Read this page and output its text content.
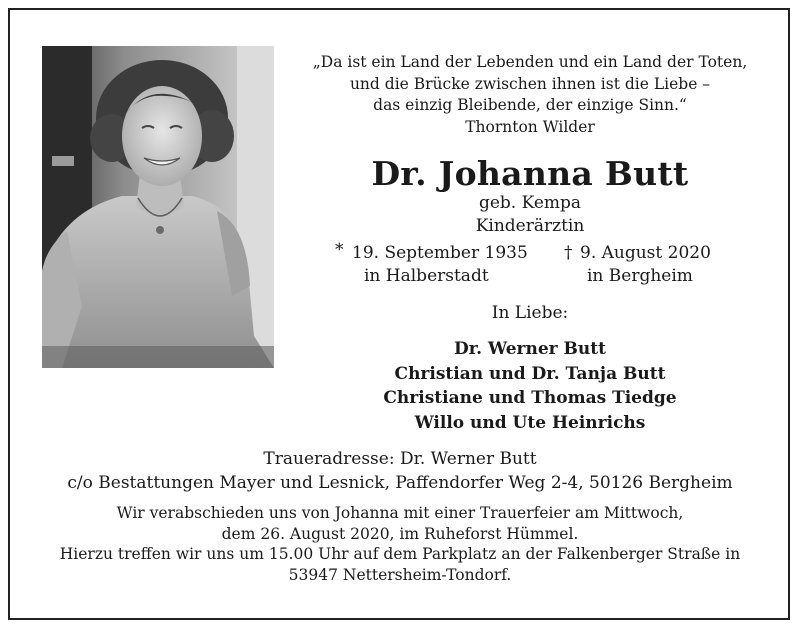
„Da ist ein Land der Lebenden und ein Land der Toten,
und die Brücke zwischen ihnen ist die Liebe –
das einzig Bleibende, der einzige Sinn.“
Thornton Wilder
Dr. Johanna Butt
geb. Kempa
Kinderärztin
* 19. September 1935
in Halberstadt
† 9. August 2020
in Bergheim
In Liebe:
Dr. Werner Butt
Christian und Dr. Tanja Butt
Christiane und Thomas Tiedge
Willo und Ute Heinrichs
Traueradresse: Dr. Werner Butt
c/o Bestattungen Mayer und Lesnick, Paffendorfer Weg 2-4, 50126 Bergheim
Wir verabschieden uns von Johanna mit einer Trauerfeier am Mittwoch,
dem 26. August 2020, im Ruheforst Hümmel.
Hierzu treffen wir uns um 15.00 Uhr auf dem Parkplatz an der Falkenberger Straße in
53947 Nettersheim-Tondorf.
